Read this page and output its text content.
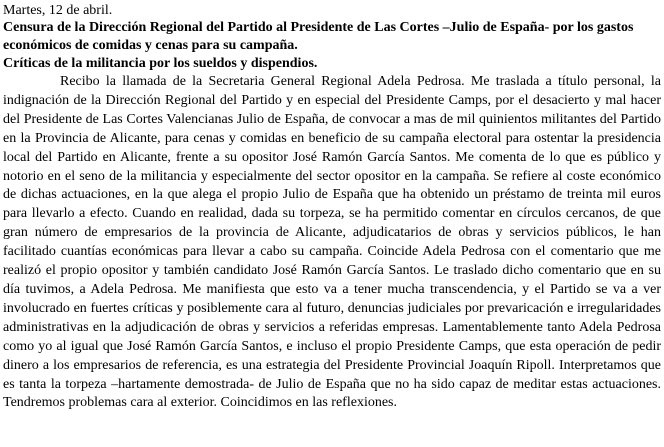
Martes, 12 de abril.

Censura de la Dirección Regional del Partido al Presidente de Las Cortes –Julio de España- por los gastos económicos de comidas y cenas para su campaña.

Críticas de la militancia por los sueldos y dispendios.

Recibo la llamada de la Secretaria General Regional Adela Pedrosa. Me traslada a título personal, la indignación de la Dirección Regional del Partido y en especial del Presidente Camps, por el desacierto y mal hacer del Presidente de Las Cortes Valencianas Julio de España, de convocar a mas de mil quinientos militantes del Partido en la Provincia de Alicante, para cenas y comidas en beneficio de su campaña electoral para ostentar la presidencia local del Partido en Alicante, frente a su opositor José Ramón García Santos. Me comenta de lo que es público y notorio en el seno de la militancia y especialmente del sector opositor en la campaña. Se refiere al coste económico de dichas actuaciones, en la que alega el propio Julio de España que ha obtenido un préstamo de treinta mil euros para llevarlo a efecto. Cuando en realidad, dada su torpeza, se ha permitido comentar en círculos cercanos, de que gran número de empresarios de la provincia de Alicante, adjudicatarios de obras y servicios públicos, le han facilitado cuantías económicas para llevar a cabo su campaña. Coincide Adela Pedrosa con el comentario que me realizó el propio opositor y también candidato José Ramón García Santos. Le traslado dicho comentario que en su día tuvimos, a Adela Pedrosa. Me manifiesta que esto va a tener mucha transcendencia, y el Partido se va a ver involucrado en fuertes críticas y posiblemente cara al futuro, denuncias judiciales por prevaricación e irregularidades administrativas en la adjudicación de obras y servicios a referidas empresas. Lamentablemente tanto Adela Pedrosa como yo al igual que José Ramón García Santos, e incluso el propio Presidente Camps, que esta operación de pedir dinero a los empresarios de referencia, es una estrategia del Presidente Provincial Joaquín Ripoll. Interpretamos que es tanta la torpeza –hartamente demostrada- de Julio de España que no ha sido capaz de meditar estas actuaciones. Tendremos problemas cara al exterior. Coincidimos en las reflexiones.
